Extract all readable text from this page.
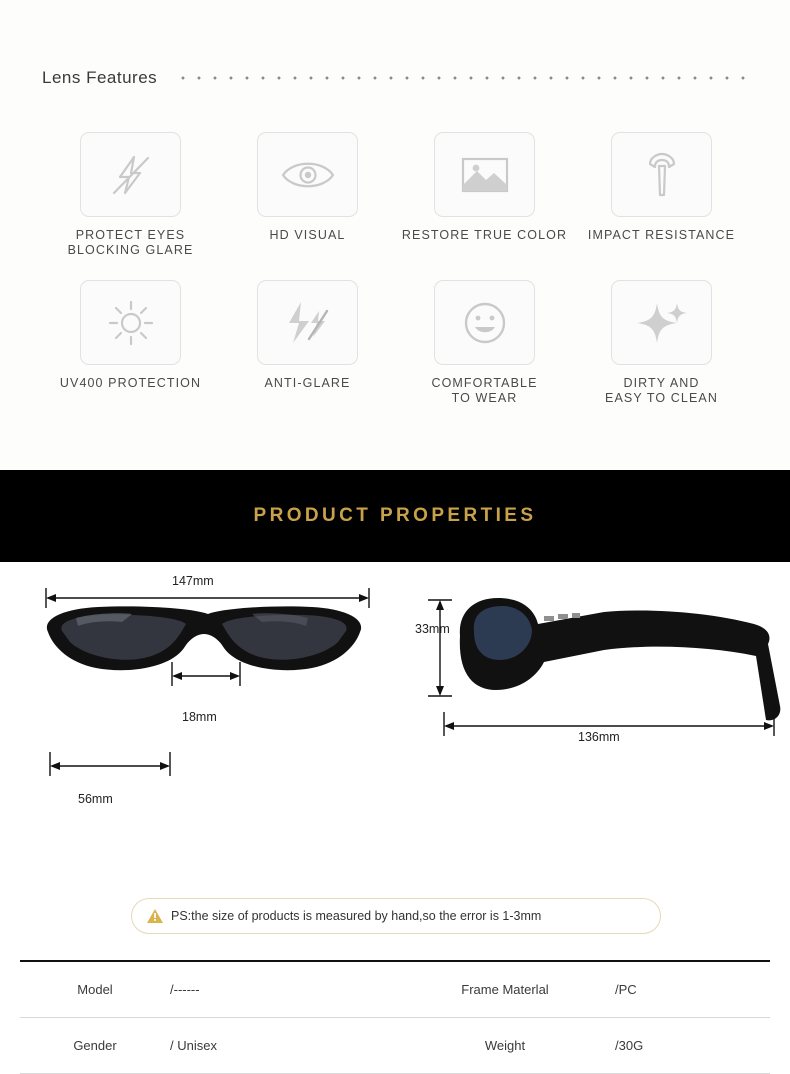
Lens Features
PROTECT EYES
BLOCKING GLARE
HD VISUAL	RESTORE TRUE COLOR IMPACT RESISTANCE
UV400 PROTECTION	ANTI-GLARE	COMFORTABLE
TO WEAR
DIRTY AND
EASY TO CLEAN
PRODUCT PROPERTIES
147mm
18mm
33mm
136mm
56mm
PS:the size of products is measured by hand,so the error is 1-3mm
Model	/------	Frame Materlal	/PC
Gender	/ Unisex	Weight	/30G
